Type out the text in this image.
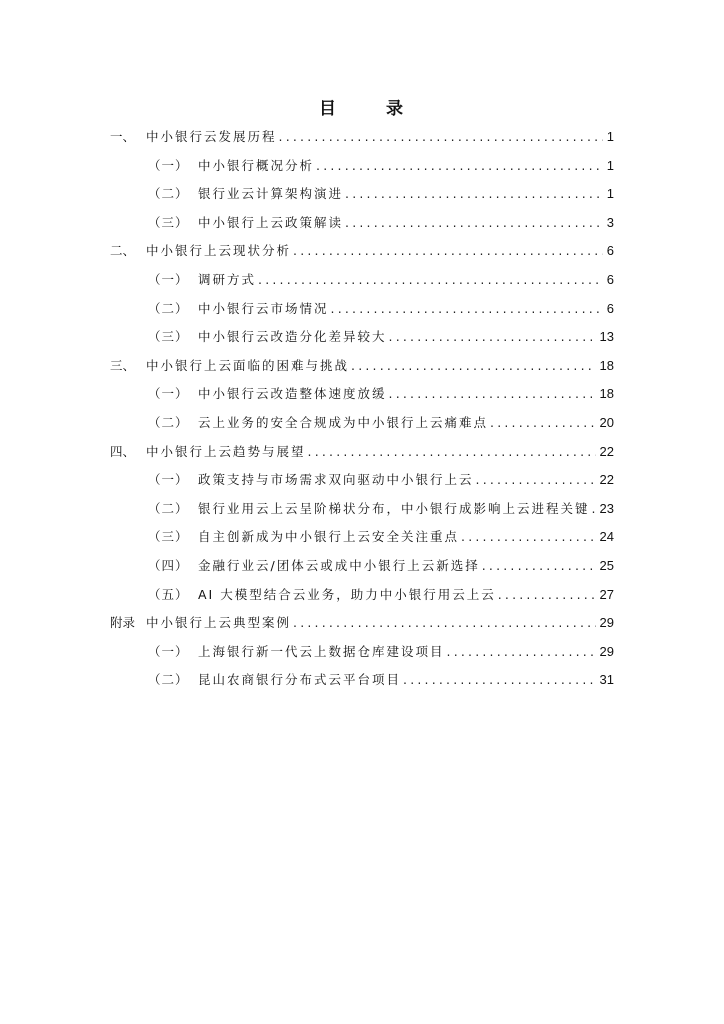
目 录
一、 中小银行云发展历程 .....	1
（一） 中小银行概况分析 .....	1
（二） 银行业云计算架构演进 .....	1
（三） 中小银行上云政策解读 .....	3
二、 中小银行上云现状分析 .....	6
（一） 调研方式 .....	6
（二） 中小银行云市场情况 .....	6
（三） 中小银行云改造分化差异较大 .....	13
三、 中小银行上云面临的困难与挑战 .....	18
（一） 中小银行云改造整体速度放缓 .....	18
（二） 云上业务的安全合规成为中小银行上云痛难点 .....	20
四、 中小银行上云趋势与展望 .....	22
（一） 政策支持与市场需求双向驱动中小银行上云 .....	22
（二） 银行业用云上云呈阶梯状分布，中小银行成影响上云进程关键 ..... 23
（三） 自主创新成为中小银行上云安全关注重点 .....	24
（四） 金融行业云/团体云或成中小银行上云新选择 .....	25
（五） AI 大模型结合云业务，助力中小银行用云上云 .....	27
附录 中小银行上云典型案例 .....	29
（一） 上海银行新一代云上数据仓库建设项目 .....	29
（二） 昆山农商银行分布式云平台项目 .....	31
